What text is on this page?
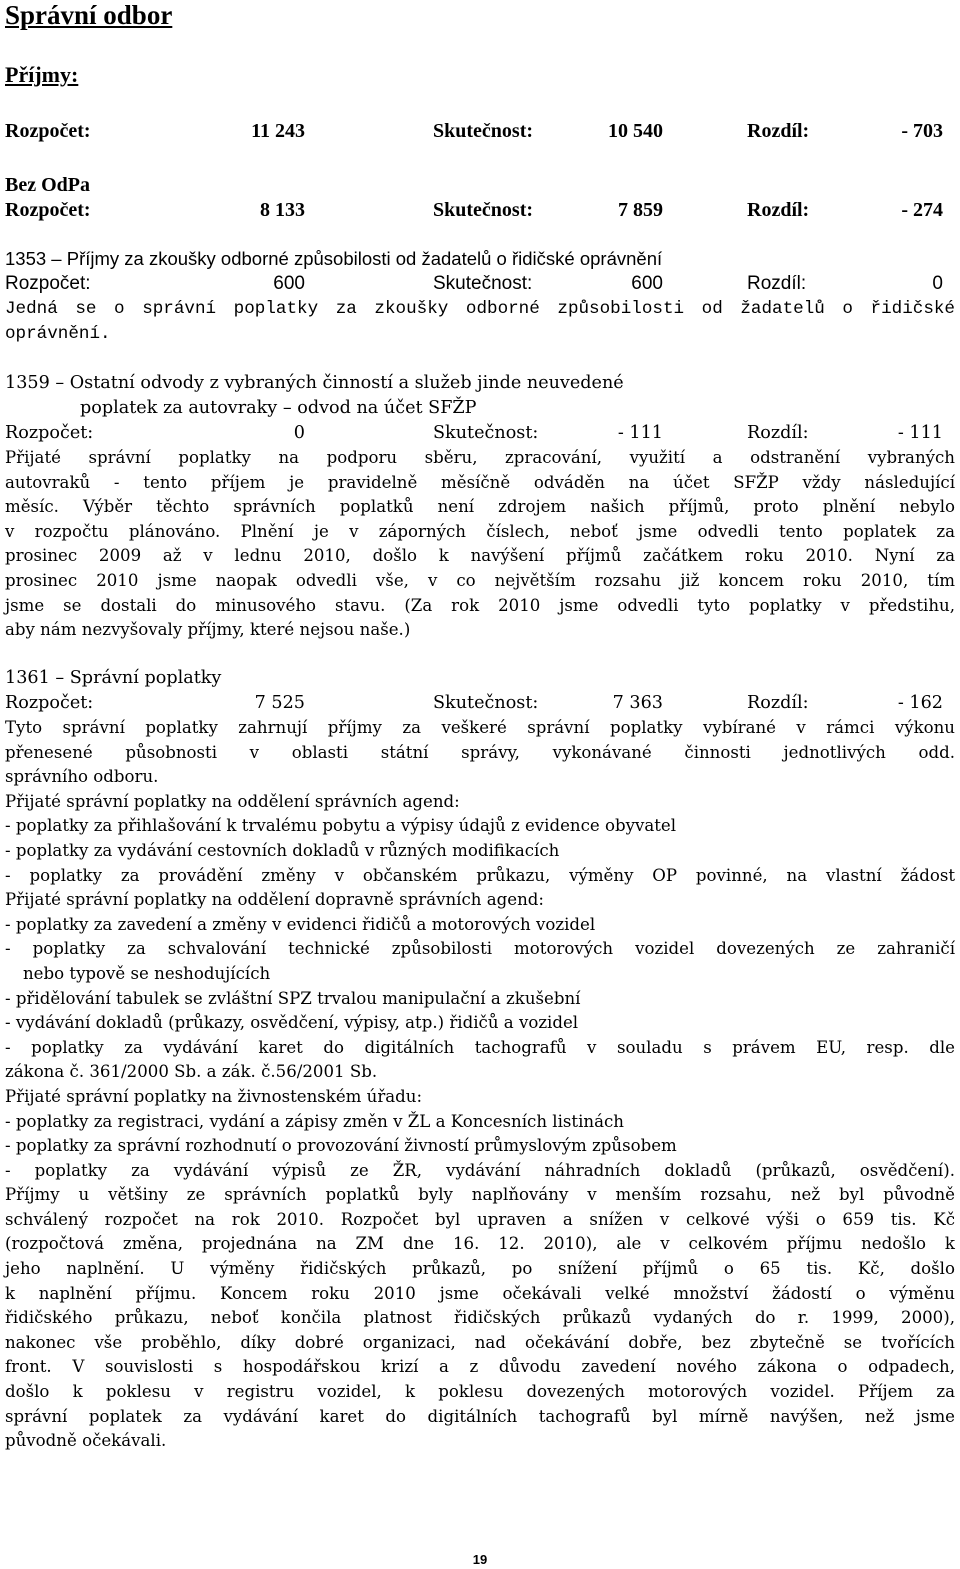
Správní odbor
Příjmy:
Rozpočet:	11 243	Skutečnost:	10 540	Rozdíl:	- 703
Bez OdPa
Rozpočet:	8 133	Skutečnost:	7 859	Rozdíl:	- 274
1353 – Příjmy za zkoušky odborné způsobilosti od žadatelů o řidičské oprávnění
Rozpočet:	600	Skutečnost:	600	Rozdíl:	0
Jedná se o správní poplatky za zkoušky odborné způsobilosti od žadatelů o řidičské
oprávnění.
1359 – Ostatní odvody z vybraných činností a služeb jinde neuvedené
poplatek za autovraky – odvod na účet SFŽP
Rozpočet:	0	Skutečnost:	- 111	Rozdíl:	- 111
Přijaté správní poplatky na podporu sběru, zpracování, využití a odstranění vybraných
autovraků - tento příjem je pravidelně měsíčně odváděn na účet SFŽP vždy následující
měsíc. Výběr těchto správních poplatků není zdrojem našich příjmů, proto plnění nebylo
v rozpočtu plánováno. Plnění je v záporných číslech, neboť jsme odvedli tento poplatek za
prosinec 2009 až v lednu 2010, došlo k navýšení příjmů začátkem roku 2010. Nyní za
prosinec 2010 jsme naopak odvedli vše, v co největším rozsahu již koncem roku 2010, tím
jsme se dostali do minusového stavu. (Za rok 2010 jsme odvedli tyto poplatky v předstihu,
aby nám nezvyšovaly příjmy, které nejsou naše.)
1361 – Správní poplatky
Rozpočet:	7 525	Skutečnost:	7 363	Rozdíl:	- 162
Tyto správní poplatky zahrnují příjmy za veškeré správní poplatky vybírané v rámci výkonu
přenesené působnosti v oblasti státní správy, vykonávané činnosti jednotlivých odd.
správního odboru.
Přijaté správní poplatky na oddělení správních agend:
- poplatky za přihlašování k trvalému pobytu a výpisy údajů z evidence obyvatel
- poplatky za vydávání cestovních dokladů v různých modifikacích
- poplatky za provádění změny v občanském průkazu, výměny OP povinné, na vlastní žádost
Přijaté správní poplatky na oddělení dopravně správních agend:
- poplatky za zavedení a změny v evidenci řidičů a motorových vozidel
- poplatky za schvalování technické způsobilosti motorových vozidel dovezených ze zahraničí
nebo typově se neshodujících
- přidělování tabulek se zvláštní SPZ trvalou manipulační a zkušební
- vydávání dokladů (průkazy, osvědčení, výpisy, atp.) řidičů a vozidel
- poplatky za vydávání karet do digitálních tachografů v souladu s právem EU, resp. dle
zákona č. 361/2000 Sb. a zák. č.56/2001 Sb.
Přijaté správní poplatky na živnostenském úřadu:
- poplatky za registraci, vydání a zápisy změn v ŽL a Koncesních listinách
- poplatky za správní rozhodnutí o provozování živností průmyslovým způsobem
- poplatky za vydávání výpisů ze ŽR, vydávání náhradních dokladů (průkazů, osvědčení).
Příjmy u většiny ze správních poplatků byly naplňovány v menším rozsahu, než byl původně
schválený rozpočet na rok 2010. Rozpočet byl upraven a snížen v celkové výši o 659 tis. Kč
(rozpočtová změna, projednána na ZM dne 16. 12. 2010), ale v celkovém příjmu nedošlo k
jeho naplnění. U výměny řidičských průkazů, po snížení příjmů o 65 tis. Kč, došlo
k naplnění příjmu. Koncem roku 2010 jsme očekávali velké množství žádostí o výměnu
řidičského průkazu, neboť končila platnost řidičských průkazů vydaných do r. 1999, 2000),
nakonec vše proběhlo, díky dobré organizaci, nad očekávání dobře, bez zbytečně se tvořících
front. V souvislosti s hospodářskou krizí a z důvodu zavedení nového zákona o odpadech,
došlo k poklesu v registru vozidel, k poklesu dovezených motorových vozidel. Příjem za
správní poplatek za vydávání karet do digitálních tachografů byl mírně navýšen, než jsme
původně očekávali.
19
